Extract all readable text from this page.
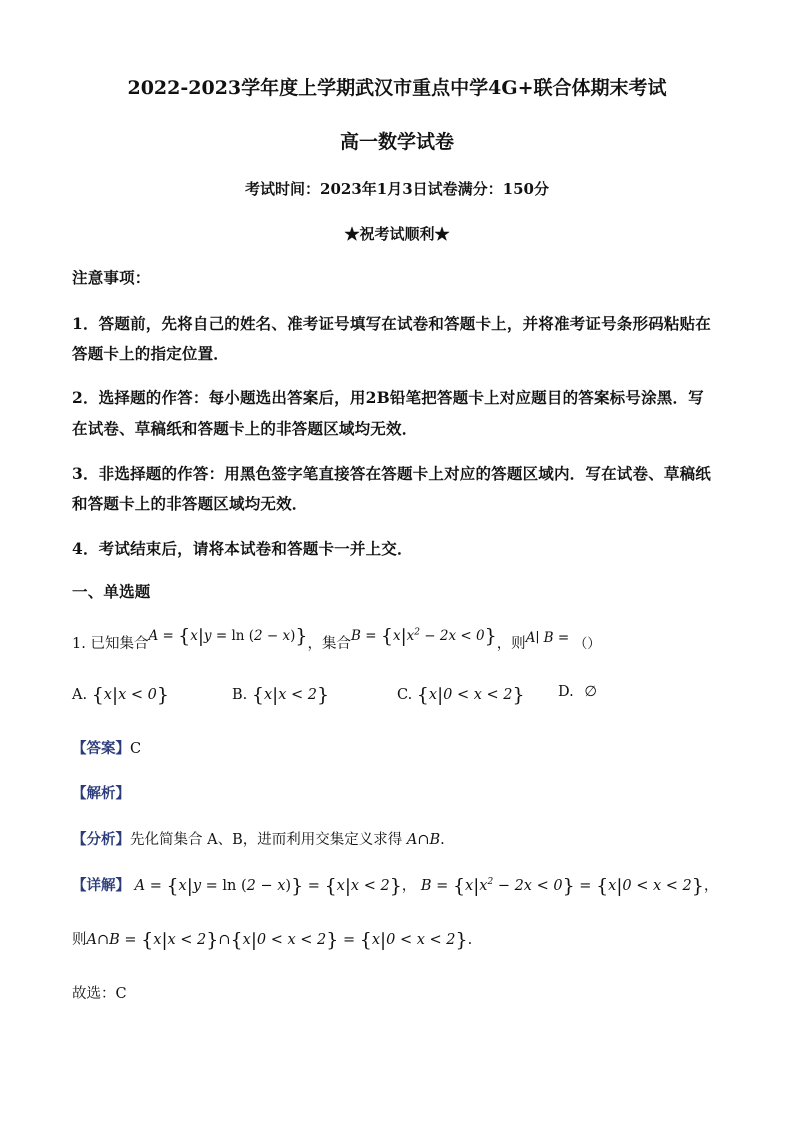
2022-2023学年度上学期武汉市重点中学4G+联合体期末考试
高一数学试卷
考试时间：2023年1月3日试卷满分：150分
★祝考试顺利★
注意事项：
1．答题前，先将自己的姓名、准考证号填写在试卷和答题卡上，并将准考证号条形码粘贴在
答题卡上的指定位置．
2．选择题的作答：每小题选出答案后，用2B铅笔把答题卡上对应题目的答案标号涂黑．写
在试卷、草稿纸和答题卡上的非答题区域均无效．
3．非选择题的作答：用黑色签字笔直接答在答题卡上对应的答题区域内．写在试卷、草稿纸
和答题卡上的非答题区域均无效．
4．考试结束后，请将本试卷和答题卡一并上交．
一、单选题
1. 已知集合A = {x|y = ln (2 − x)}，集合$B = \{x|x^2 - 2x < 0\}$，则A∣ B = （）
A. {x|x < 0}	B. {x|x < 2}	C. {x|0 < x < 2} D. ∅
【答案】C
【解析】
【分析】先化简集合 A、B，进而利用交集定义求得 A∩B.
【详解】 A = {x|y = ln (2 − x)} = {x|x < 2}， $B = \{x|x^2 - 2x < 0\} = \{x|0 < x < 2\}$，
则A∩B = {x|x < 2}∩{x|0 < x < 2} = {x|0 < x < 2}.
故选：C
